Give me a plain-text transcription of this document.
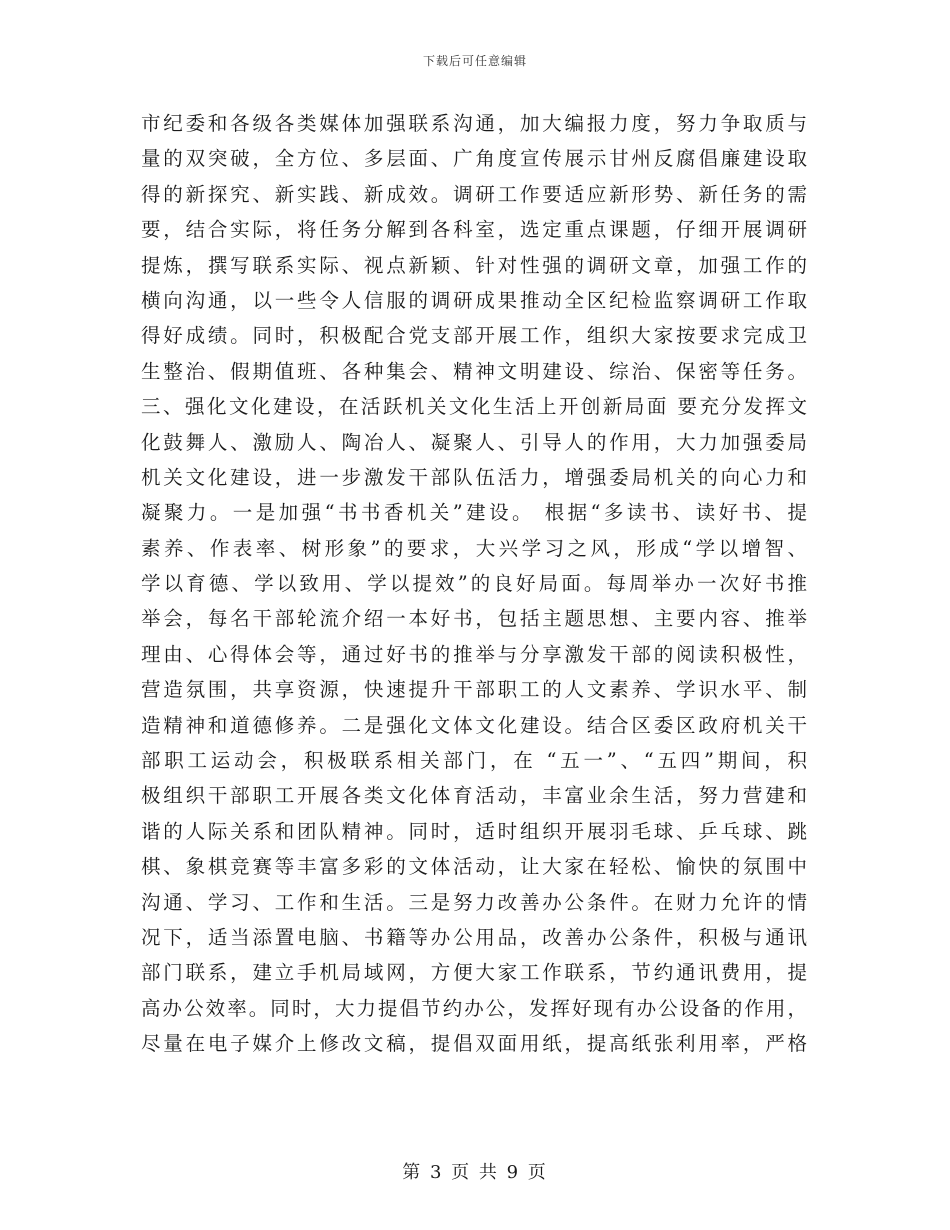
下载后可任意编辑
市纪委和各级各类媒体加强联系沟通，加大编报力度，努力争取质与
量的双突破，全方位、多层面、广角度宣传展示甘州反腐倡廉建设取
得的新探究、新实践、新成效。调研工作要适应新形势、新任务的需
要，结合实际，将任务分解到各科室，选定重点课题，仔细开展调研
提炼，撰写联系实际、视点新颖、针对性强的调研文章，加强工作的
横向沟通，以一些令人信服的调研成果推动全区纪检监察调研工作取
得好成绩。同时，积极配合党支部开展工作，组织大家按要求完成卫
生整治、假期值班、各种集会、精神文明建设、综治、保密等任务。
三、强化文化建设，在活跃机关文化生活上开创新局面 要充分发挥文
化鼓舞人、激励人、陶冶人、凝聚人、引导人的作用，大力加强委局
机关文化建设，进一步激发干部队伍活力，增强委局机关的向心力和
凝聚力。一是加强“书书香机关”建设。 根据“多读书、读好书、提
素养、作表率、树形象”的要求，大兴学习之风，形成“学以增智、
学以育德、学以致用、学以提效”的良好局面。每周举办一次好书推
举会，每名干部轮流介绍一本好书，包括主题思想、主要内容、推举
理由、心得体会等，通过好书的推举与分享激发干部的阅读积极性，
营造氛围，共享资源，快速提升干部职工的人文素养、学识水平、制
造精神和道德修养。二是强化文体文化建设。结合区委区政府机关干
部职工运动会，积极联系相关部门，在 “五一”、“五四”期间，积
极组织干部职工开展各类文化体育活动，丰富业余生活，努力营建和
谐的人际关系和团队精神。同时，适时组织开展羽毛球、乒乓球、跳
棋、象棋竞赛等丰富多彩的文体活动，让大家在轻松、愉快的氛围中
沟通、学习、工作和生活。三是努力改善办公条件。在财力允许的情
况下，适当添置电脑、书籍等办公用品，改善办公条件，积极与通讯
部门联系，建立手机局域网，方便大家工作联系，节约通讯费用，提
高办公效率。同时，大力提倡节约办公，发挥好现有办公设备的作用，
尽量在电子媒介上修改文稿，提倡双面用纸，提高纸张利用率，严格
第 3 页 共 9 页
